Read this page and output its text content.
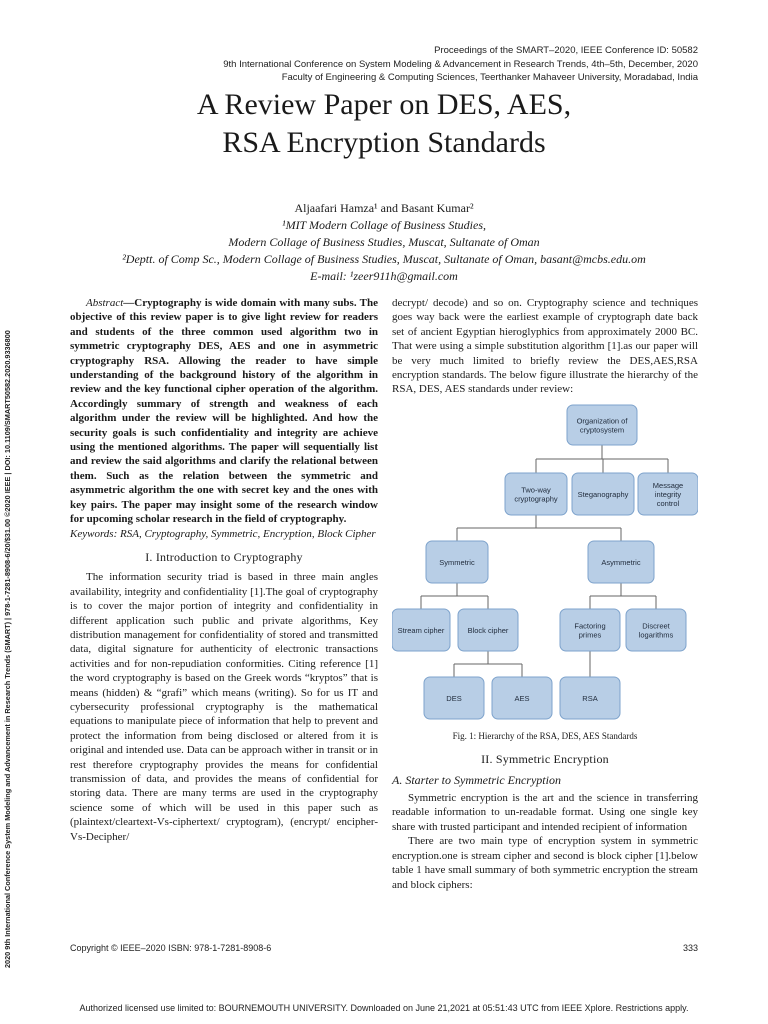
2020 9th International Conference System Modeling and Advancement in Research Trends (SMART) | 978-1-7281-8908-6/20/$31.00 ©2020 IEEE | DOI: 10.1109/SMART50582.2020.9336800
Proceedings of the SMART–2020, IEEE Conference ID: 50582
9th International Conference on System Modeling & Advancement in Research Trends, 4th–5th, December, 2020
Faculty of Engineering & Computing Sciences, Teerthanker Mahaveer University, Moradabad, India
A Review Paper on DES, AES,
RSA Encryption Standards
Aljaafari Hamza¹ and Basant Kumar²
¹MIT Modern Collage of Business Studies,
Modern Collage of Business Studies, Muscat, Sultanate of Oman
²Deptt. of Comp Sc., Modern Collage of Business Studies, Muscat, Sultanate of Oman, basant@mcbs.edu.om
E-mail: ¹zeer911h@gmail.com

Abstract—Cryptography is wide domain with many subs. The objective of this review paper is to give light review for readers and students of the three common used algorithm two in symmetric cryptography DES, AES and one in asymmetric cryptography RSA. Allowing the reader to have simple understanding of the background history of the algorithm in review and the key functional cipher operation of the algorithm. Accordingly summary of strength and weakness of each algorithm under the review will be highlighted. And how the security goals is such confidentiality and integrity are achieve using the mentioned algorithms. The paper will sequentially list and review the said algorithms and clarify the relational between them. Such as the relation between the symmetric and asymmetric algorithm the one with secret key and the ones with key pairs. The paper may insight some of the research window for upcoming scholar research in the field of cryptography.

Keywords: RSA, Cryptography, Symmetric, Encryption, Block Cipher

I. Introduction to Cryptography

The information security triad is based in three main angles availability, integrity and confidentiality [1].The goal of cryptography is to cover the major portion of integrity and confidentiality in different application such public and private algorithms, Key distribution management for confidentiality of stored and transmitted data, digital signature for authenticity of electronic transactions activities and for non-repudiation conformities. Citing reference [1] the word cryptography is based on the Greek words “kryptos” that is means (hidden) & “grafi” which means (writing). So for us IT and cybersecurity professional cryptography is the mathematical equations to manipulate piece of information that help to prevent and protect the information from being disclosed or altered from it is original and intended use. Data can be approach wither in transit or in rest therefore cryptography provides the means for confidential transmission of data, and provides the means of confidential for storing data. There are many terms are used in the cryptography science some of which will be used in this paper such as (plaintext/cleartext-Vs-ciphertext/ cryptogram), (encrypt/ encipher-Vs-Decipher/

decrypt/ decode) and so on. Cryptography science and techniques goes way back were the earliest example of cryptograph date back set of ancient Egyptian hieroglyphics from approximately 2000 BC. That were using a simple substitution algorithm [1].as our paper will be very much limited to briefly review the DES,AES,RSA encryption standards. The below figure illustrate the hierarchy of the RSA, DES, AES standards under review:

Organization of
cryptosystem
Two-way
cryptography	Steganography
Message
integrity
control
Symmetric	Asymmetric
Stream cipher	Block cipher	Factoring
primes
Discreet
logarithms
DES	AES	RSA
Fig. 1: Hierarchy of the RSA, DES, AES Standards
II. Symmetric Encryption
A. Starter to Symmetric Encryption

Symmetric encryption is the art and the science in transferring readable information to un-readable format. Using one single key share with trusted participant and intended recipient of information

There are two main type of encryption system in symmetric encryption.one is stream cipher and second is block cipher [1].below table 1 have small summary of both symmetric encryption the stream and block ciphers:

Copyright © IEEE–2020 ISBN: 978-1-7281-8908-6	333
Authorized licensed use limited to: BOURNEMOUTH UNIVERSITY. Downloaded on June 21,2021 at 05:51:43 UTC from IEEE Xplore. Restrictions apply.
